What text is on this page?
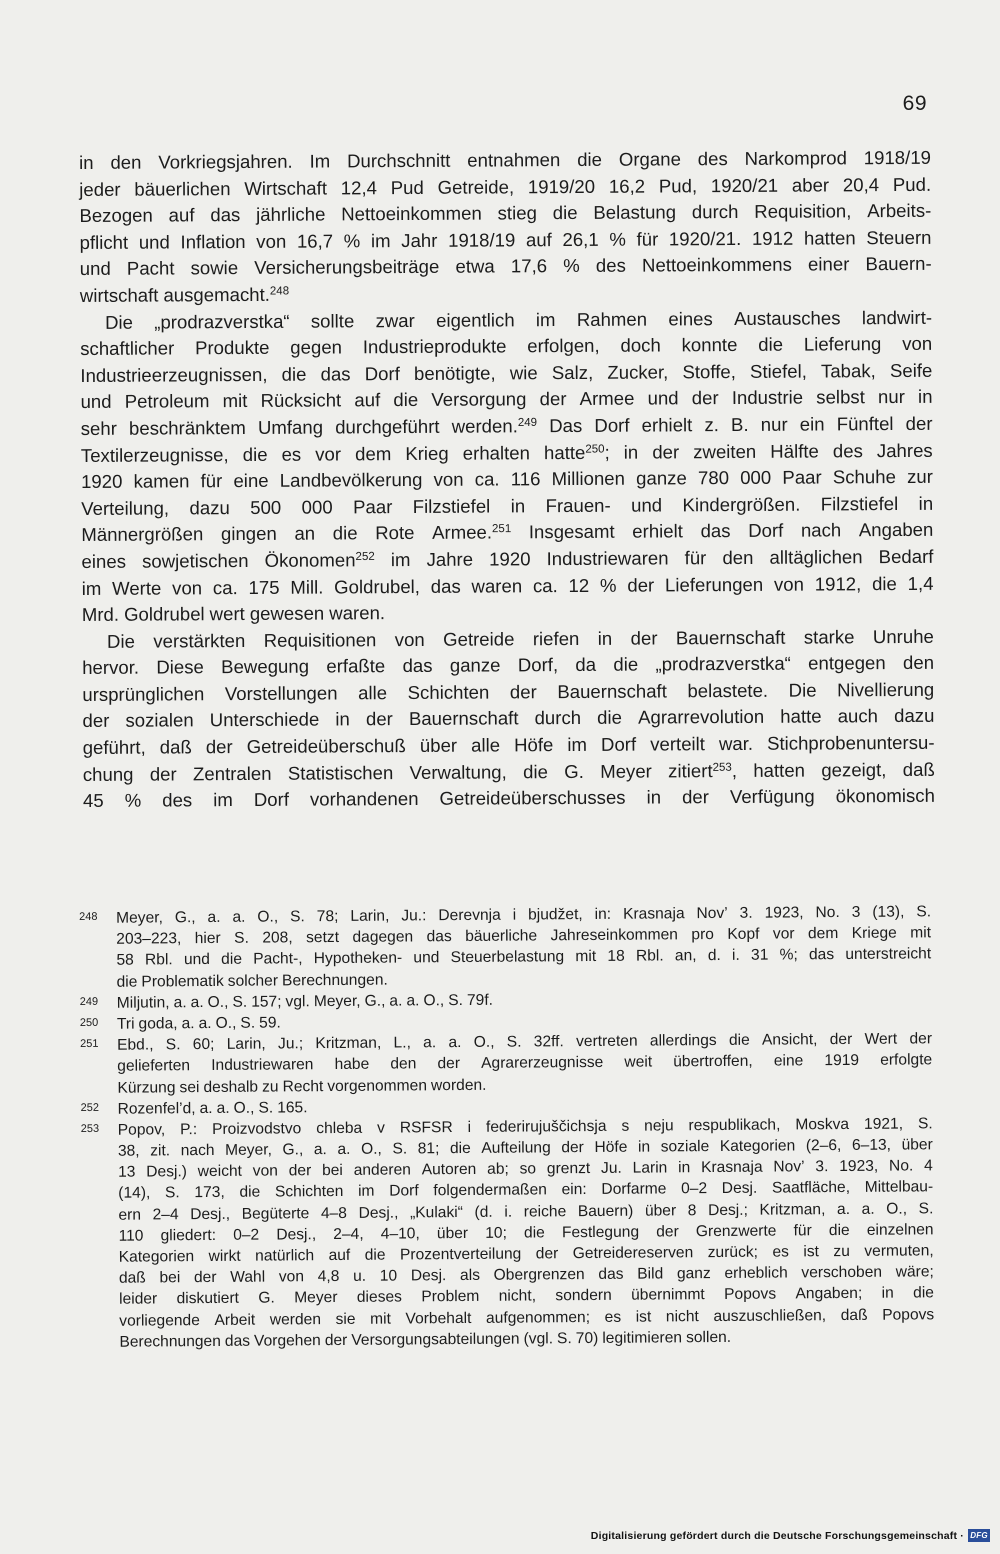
69
in den Vorkriegsjahren. Im Durchschnitt entnahmen die Organe des Narkomprod 1918/19
jeder bäuerlichen Wirtschaft 12,4 Pud Getreide, 1919/20 16,2 Pud, 1920/21 aber 20,4 Pud.
Bezogen auf das jährliche Nettoeinkommen stieg die Belastung durch Requisition, Arbeits-
pflicht und Inflation von 16,7 % im Jahr 1918/19 auf 26,1 % für 1920/21. 1912 hatten Steuern
und Pacht sowie Versicherungsbeiträge etwa 17,6 % des Nettoeinkommens einer Bauern-
wirtschaft ausgemacht.$^{248}$
Die „prodrazverstka“ sollte zwar eigentlich im Rahmen eines Austausches landwirt-
schaftlicher Produkte gegen Industrieprodukte erfolgen, doch konnte die Lieferung von
Industrieerzeugnissen, die das Dorf benötigte, wie Salz, Zucker, Stoffe, Stiefel, Tabak, Seife
und Petroleum mit Rücksicht auf die Versorgung der Armee und der Industrie selbst nur in
sehr beschränktem Umfang durchgeführt werden.$^{249}$ Das Dorf erhielt z. B. nur ein Fünftel der
Textilerzeugnisse, die es vor dem Krieg erhalten hatte$^{250}$; in der zweiten Hälfte des Jahres
1920 kamen für eine Landbevölkerung von ca. 116 Millionen ganze 780 000 Paar Schuhe zur
Verteilung, dazu 500 000 Paar Filzstiefel in Frauen- und Kindergrößen. Filzstiefel in
Männergrößen gingen an die Rote Armee.$^{251}$ Insgesamt erhielt das Dorf nach Angaben
eines sowjetischen Ökonomen$^{252}$ im Jahre 1920 Industriewaren für den alltäglichen Bedarf
im Werte von ca. 175 Mill. Goldrubel, das waren ca. 12 % der Lieferungen von 1912, die 1,4
Mrd. Goldrubel wert gewesen waren.
Die verstärkten Requisitionen von Getreide riefen in der Bauernschaft starke Unruhe
hervor. Diese Bewegung erfaßte das ganze Dorf, da die „prodrazverstka“ entgegen den
ursprünglichen Vorstellungen alle Schichten der Bauernschaft belastete. Die Nivellierung
der sozialen Unterschiede in der Bauernschaft durch die Agrarrevolution hatte auch dazu
geführt, daß der Getreideüberschuß über alle Höfe im Dorf verteilt war. Stichprobenuntersu-
chung der Zentralen Statistischen Verwaltung, die G. Meyer zitiert$^{253}$, hatten gezeigt, daß
45 % des im Dorf vorhandenen Getreideüberschusses in der Verfügung ökonomisch
248 Meyer, G., a. a. O., S. 78; Larin, Ju.: Derevnja i bjudžet, in: Krasnaja Nov’ 3. 1923, No. 3 (13), S.
203–223, hier S. 208, setzt dagegen das bäuerliche Jahreseinkommen pro Kopf vor dem Kriege mit
58 Rbl. und die Pacht-, Hypotheken- und Steuerbelastung mit 18 Rbl. an, d. i. 31 %; das unterstreicht
die Problematik solcher Berechnungen.
249 Miljutin, a. a. O., S. 157; vgl. Meyer, G., a. a. O., S. 79f.
250 Tri goda, a. a. O., S. 59.
251 Ebd., S. 60; Larin, Ju.; Kritzman, L., a. a. O., S. 32ff. vertreten allerdings die Ansicht, der Wert der
gelieferten Industriewaren habe den der Agrarerzeugnisse weit übertroffen, eine 1919 erfolgte
Kürzung sei deshalb zu Recht vorgenommen worden.
252 Rozenfel’d, a. a. O., S. 165.
253 Popov, P.: Proizvodstvo chleba v RSFSR i federirujuščichsja s neju respublikach, Moskva 1921, S.
38, zit. nach Meyer, G., a. a. O., S. 81; die Aufteilung der Höfe in soziale Kategorien (2–6, 6–13, über
13 Desj.) weicht von der bei anderen Autoren ab; so grenzt Ju. Larin in Krasnaja Nov’ 3. 1923, No. 4
(14), S. 173, die Schichten im Dorf folgendermaßen ein: Dorfarme 0–2 Desj. Saatfläche, Mittelbau-
ern 2–4 Desj., Begüterte 4–8 Desj., „Kulaki“ (d. i. reiche Bauern) über 8 Desj.; Kritzman, a. a. O., S.
110 gliedert: 0–2 Desj., 2–4, 4–10, über 10; die Festlegung der Grenzwerte für die einzelnen
Kategorien wirkt natürlich auf die Prozentverteilung der Getreidereserven zurück; es ist zu vermuten,
daß bei der Wahl von 4,8 u. 10 Desj. als Obergrenzen das Bild ganz erheblich verschoben wäre;
leider diskutiert G. Meyer dieses Problem nicht, sondern übernimmt Popovs Angaben; in die
vorliegende Arbeit werden sie mit Vorbehalt aufgenommen; es ist nicht auszuschließen, daß Popovs
Berechnungen das Vorgehen der Versorgungsabteilungen (vgl. S. 70) legitimieren sollen.
Digitalisierung gefördert durch die Deutsche Forschungsgemeinschaft · DFG
